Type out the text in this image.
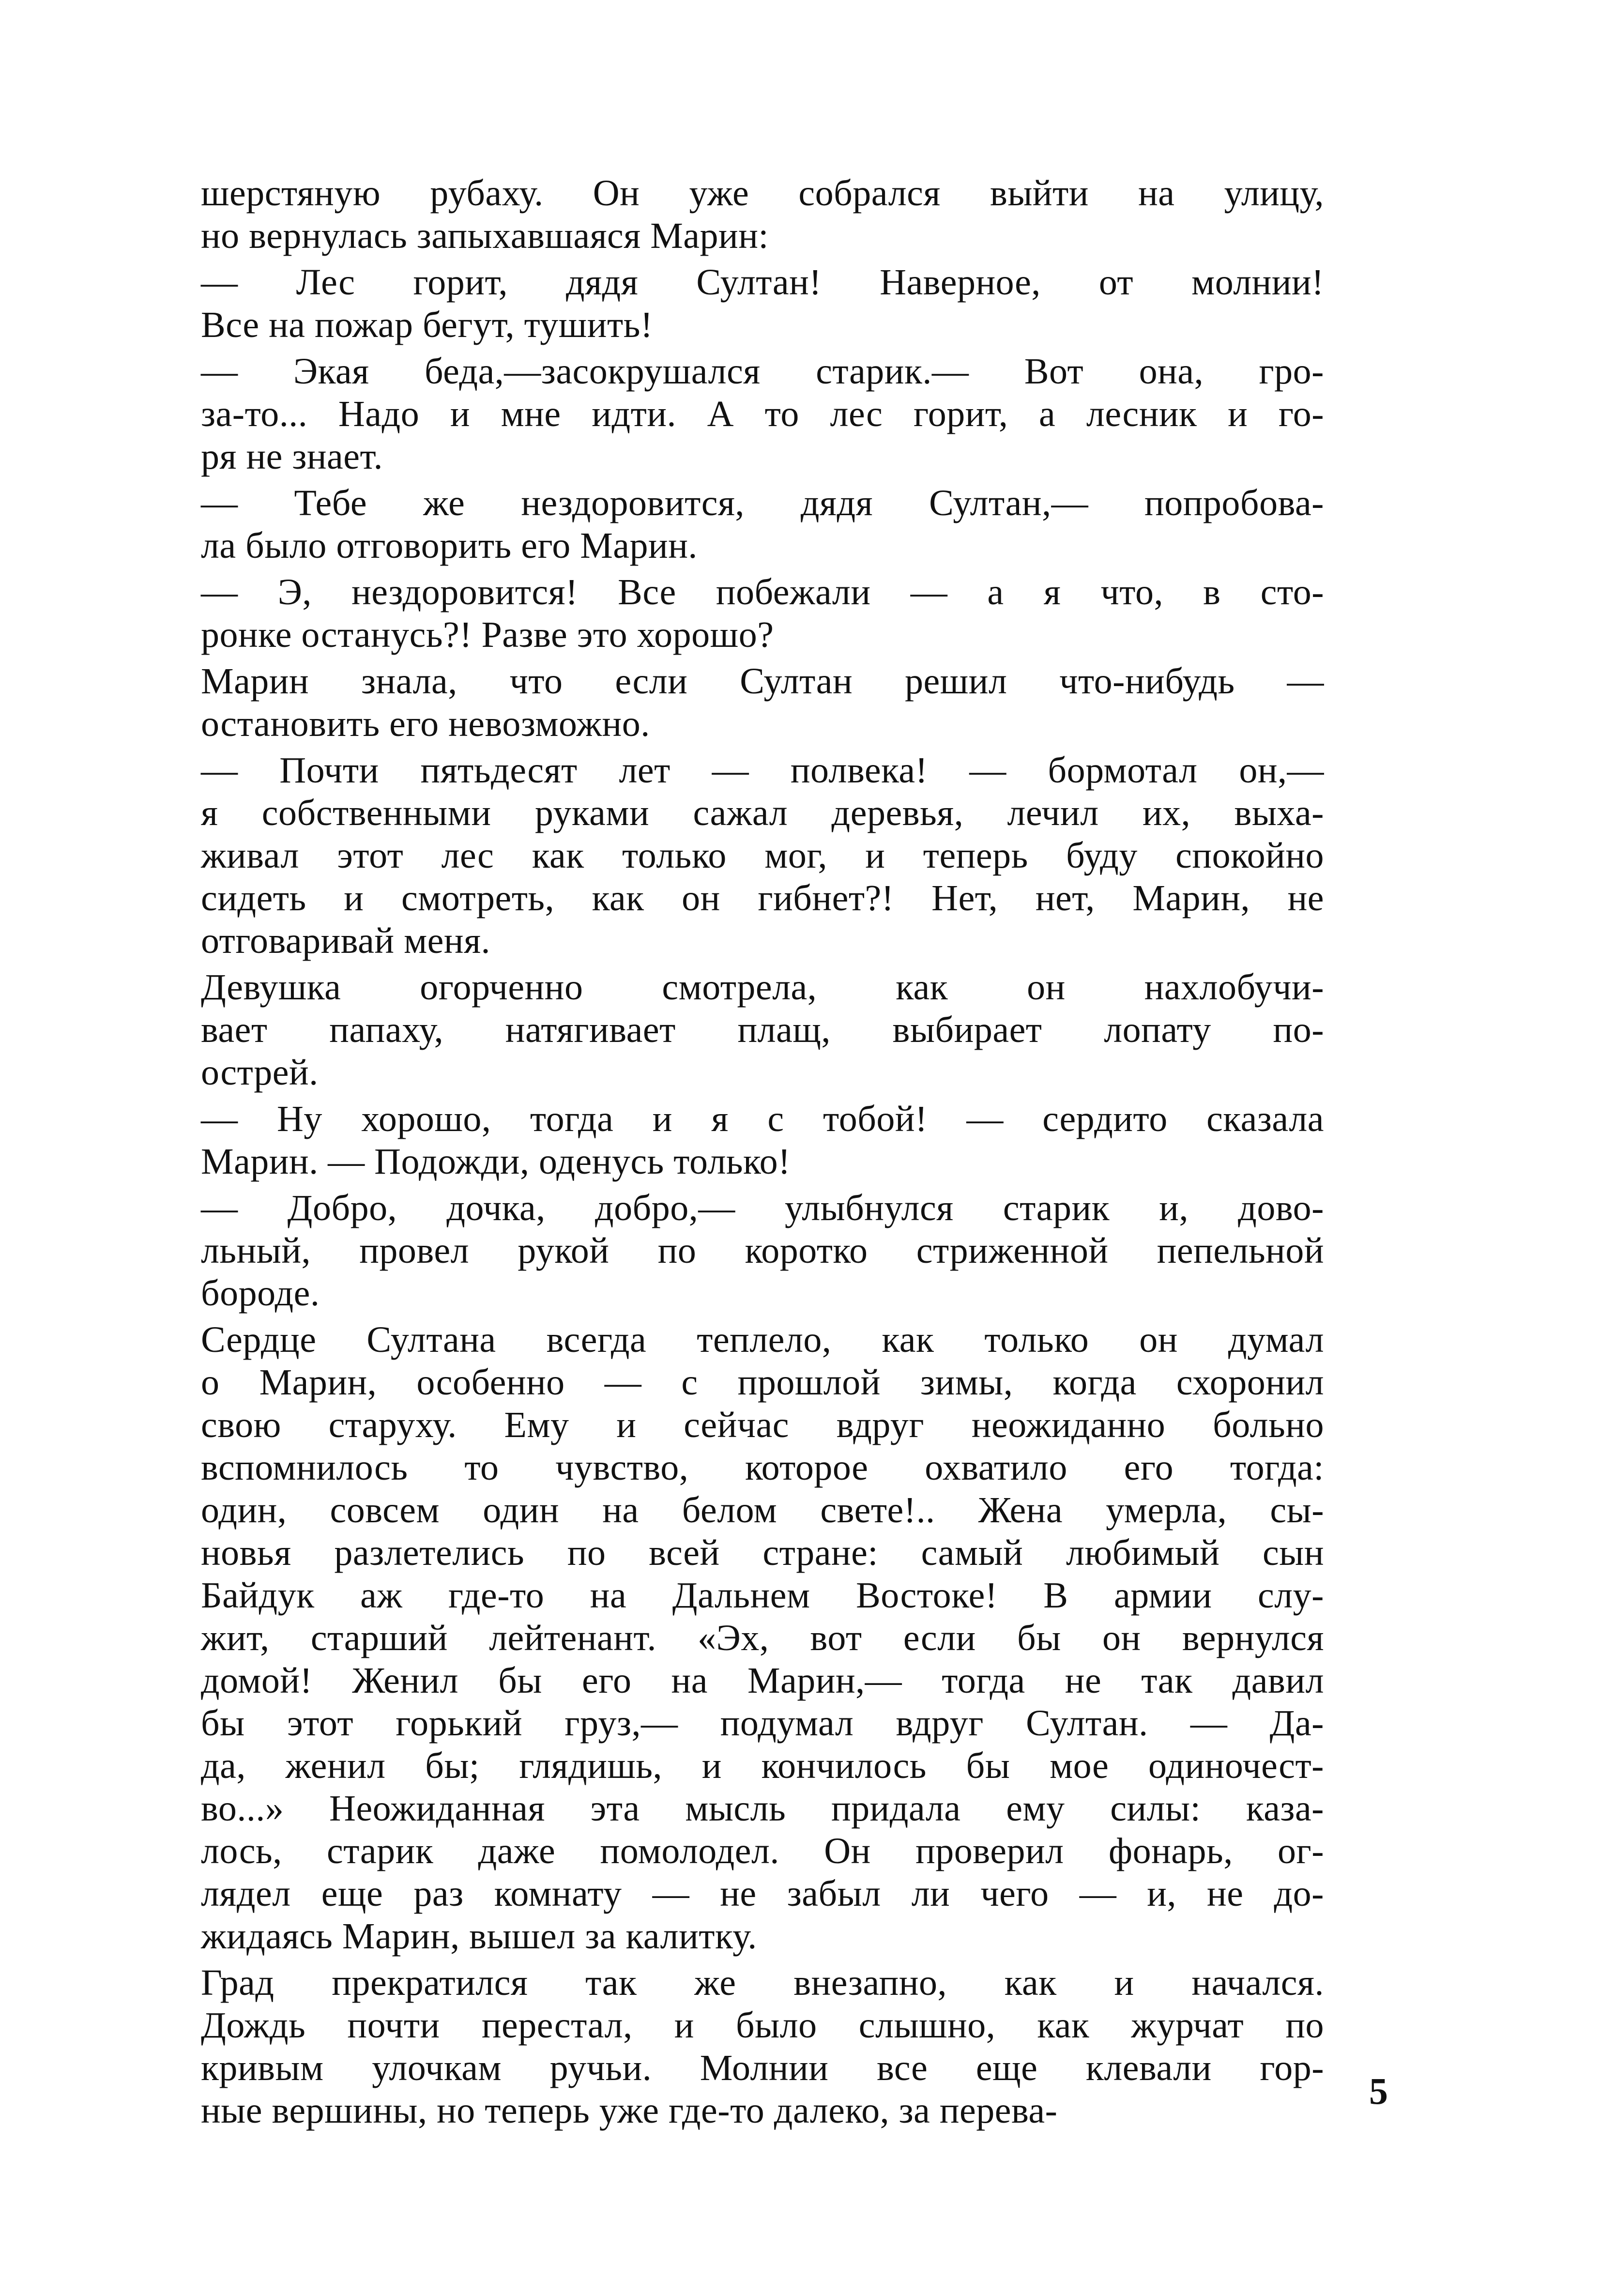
шерстяную рубаху. Он уже собрался выйти на улицу,
но вернулась запыхавшаяся Марин:
— Лес горит, дядя Султан! Наверное, от молнии!
Все на пожар бегут, тушить!
— Экая беда,—засокрушался старик.— Вот она, гро-
за-то... Надо и мне идти. А то лес горит, а лесник и го-
ря не знает.
— Тебе же нездоровится, дядя Султан,— попробова-
ла было отговорить его Марин.
— Э, нездоровится! Все побежали — а я что, в сто-
ронке останусь?! Разве это хорошо?
Марин знала, что если Султан решил что-нибудь —
остановить его невозможно.
— Почти пятьдесят лет — полвека! — бормотал он,—
я собственными руками сажал деревья, лечил их, выха-
живал этот лес как только мог, и теперь буду спокойно
сидеть и смотреть, как он гибнет?! Нет, нет, Марин, не
отговаривай меня.
Девушка огорченно смотрела, как он нахлобучи-
вает папаху, натягивает плащ, выбирает лопату по-
острей.
— Ну хорошо, тогда и я с тобой! — сердито сказала
Марин. — Подожди, оденусь только!
— Добро, дочка, добро,— улыбнулся старик и, дово-
льный, провел рукой по коротко стриженной пепельной
бороде.
Сердце Султана всегда теплело, как только он думал
о Марин, особенно — с прошлой зимы, когда схоронил
свою старуху. Ему и сейчас вдруг неожиданно больно
вспомнилось то чувство, которое охватило его тогда:
один, совсем один на белом свете!.. Жена умерла, сы-
новья разлетелись по всей стране: самый любимый сын
Байдук аж где-то на Дальнем Востоке! В армии слу-
жит, старший лейтенант. «Эх, вот если бы он вернулся
домой! Женил бы его на Марин,— тогда не так давил
бы этот горький груз,— подумал вдруг Султан. — Да-
да, женил бы; глядишь, и кончилось бы мое одиночест-
во...» Неожиданная эта мысль придала ему силы: каза-
лось, старик даже помолодел. Он проверил фонарь, ог-
лядел еще раз комнату — не забыл ли чего — и, не до-
жидаясь Марин, вышел за калитку.
Град прекратился так же внезапно, как и начался.
Дождь почти перестал, и было слышно, как журчат по
кривым улочкам ручьи. Молнии все еще клевали гор-
ные вершины, но теперь уже где-то далеко, за перева-	5
